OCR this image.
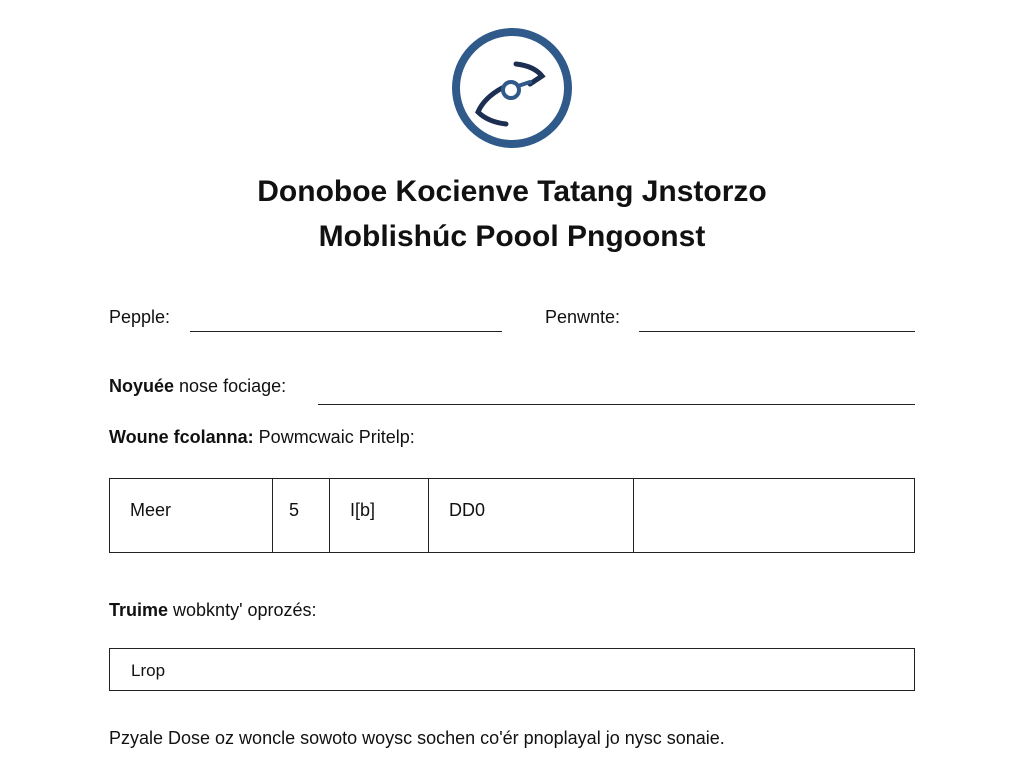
Donoboe Kocienve Tatang Jnstorzo
Moblishúc Poool Pngoonst
Pepple:	Penwnte:
Noyuée nose fociage:
Woune fcolanna: Powmcwaic Pritelp:
Meer	5	I[b]	DD0	
Truime wobknty' oprozés:
Lrop
Pzyale Dose oz woncle sowoto woysc sochen co'ér pnoplayal jo nysc sonaie.
